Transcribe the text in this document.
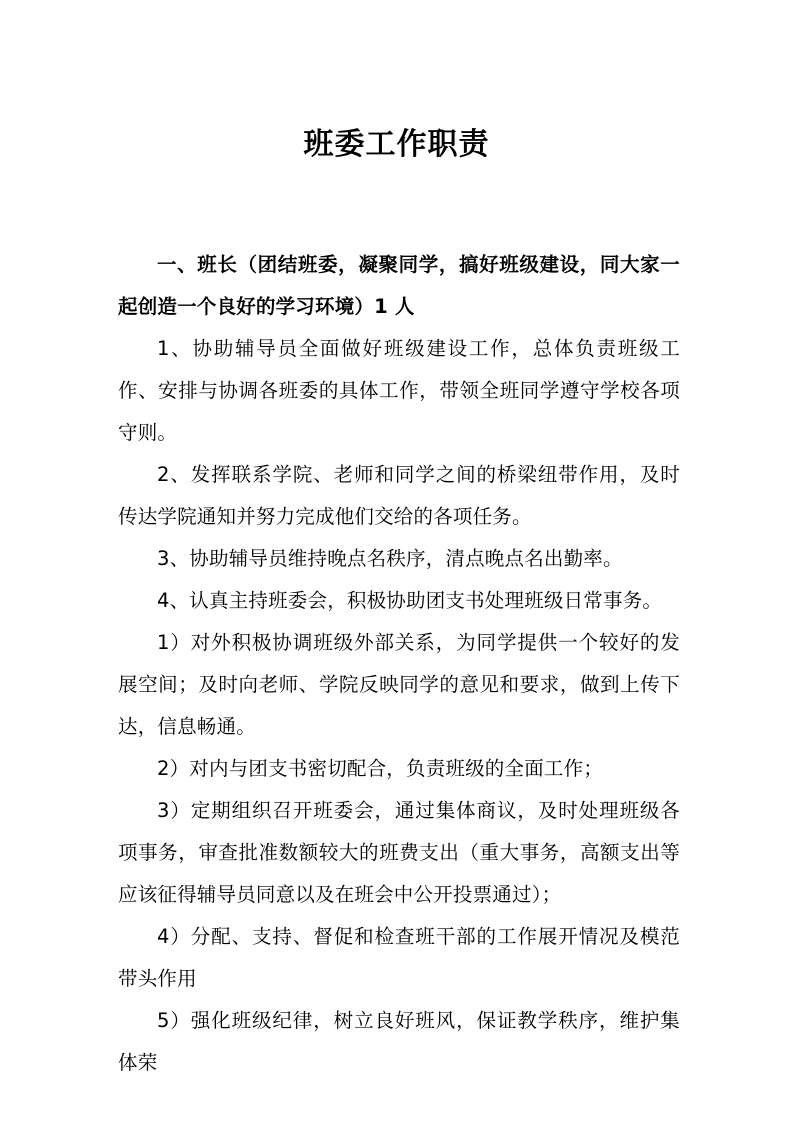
班委工作职责

一、班长（团结班委，凝聚同学，搞好班级建设，同大家一起创造一个良好的学习环境）1 人

1、协助辅导员全面做好班级建设工作，总体负责班级工作、安排与协调各班委的具体工作，带领全班同学遵守学校各项守则。

2、发挥联系学院、老师和同学之间的桥梁纽带作用，及时传达学院通知并努力完成他们交给的各项任务。

3、协助辅导员维持晚点名秩序，清点晚点名出勤率。

4、认真主持班委会，积极协助团支书处理班级日常事务。

1）对外积极协调班级外部关系，为同学提供一个较好的发展空间；及时向老师、学院反映同学的意见和要求，做到上传下达，信息畅通。

2）对内与团支书密切配合，负责班级的全面工作；

3）定期组织召开班委会，通过集体商议，及时处理班级各项事务，审查批准数额较大的班费支出（重大事务，高额支出等应该征得辅导员同意以及在班会中公开投票通过）；

4）分配、支持、督促和检查班干部的工作展开情况及模范带头作用

5）强化班级纪律，树立良好班风，保证教学秩序，维护集体荣
